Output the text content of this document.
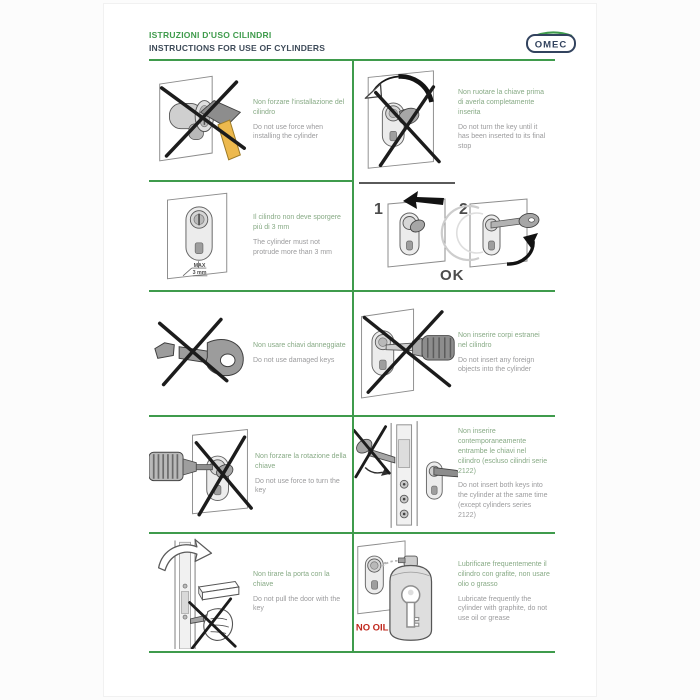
ISTRUZIONI D'USO CILINDRI
INSTRUCTIONS FOR USE OF CYLINDERS	OMEC

Non forzare l'installazione del cilindro

Do not use force when installing the cylinder

Non ruotare la chiave prima di averla completamente inserita

Do not turn the key until it has been inserted to its final stop

MAX
3 mm

Il cilindro non deve sporgere più di 3 mm

The cylinder must not protrude more than 3 mm

1	2
OK

Non usare chiavi danneggiate

Do not use damaged keys

Non inserire corpi estranei nel cilindro

Do not insert any foreign objects into the cylinder

Non forzare la rotazione della chiave

Do not use force to turn the key

Non inserire contemporaneamente entrambe le chiavi nel cilindro (escluso cilindri serie 2122)

Do not insert both keys into the cylinder at the same time (except cylinders series 2122)

Non tirare la porta con la chiave

Do not pull the door with the key

NO OIL

Lubrificare frequentemente il cilindro con grafite, non usare olio o grasso

Lubricate frequently the cylinder with graphite, do not use oil or grease
